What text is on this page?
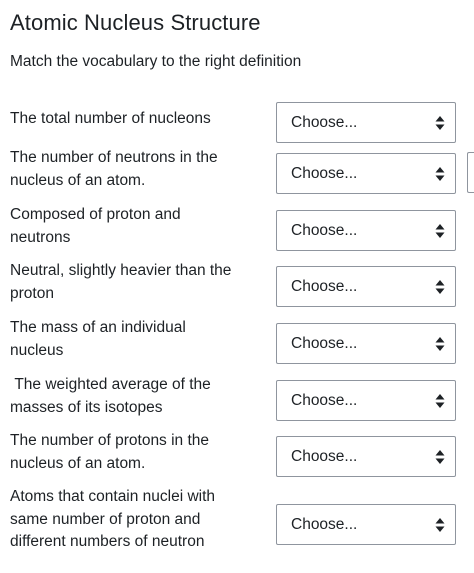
Atomic Nucleus Structure

Match the vocabulary to the right definition

The total number of nucleons	Choose...
The number of neutrons in the
nucleus of an atom.	Choose...
Composed of proton and
neutrons	Choose...
Neutral, slightly heavier than the
proton	Choose...
The mass of an individual
nucleus	Choose...
The weighted average of the
masses of its isotopes	Choose...
The number of protons in the
nucleus of an atom.	Choose...
Atoms that contain nuclei with
same number of proton and
different numbers of neutron
Choose...
